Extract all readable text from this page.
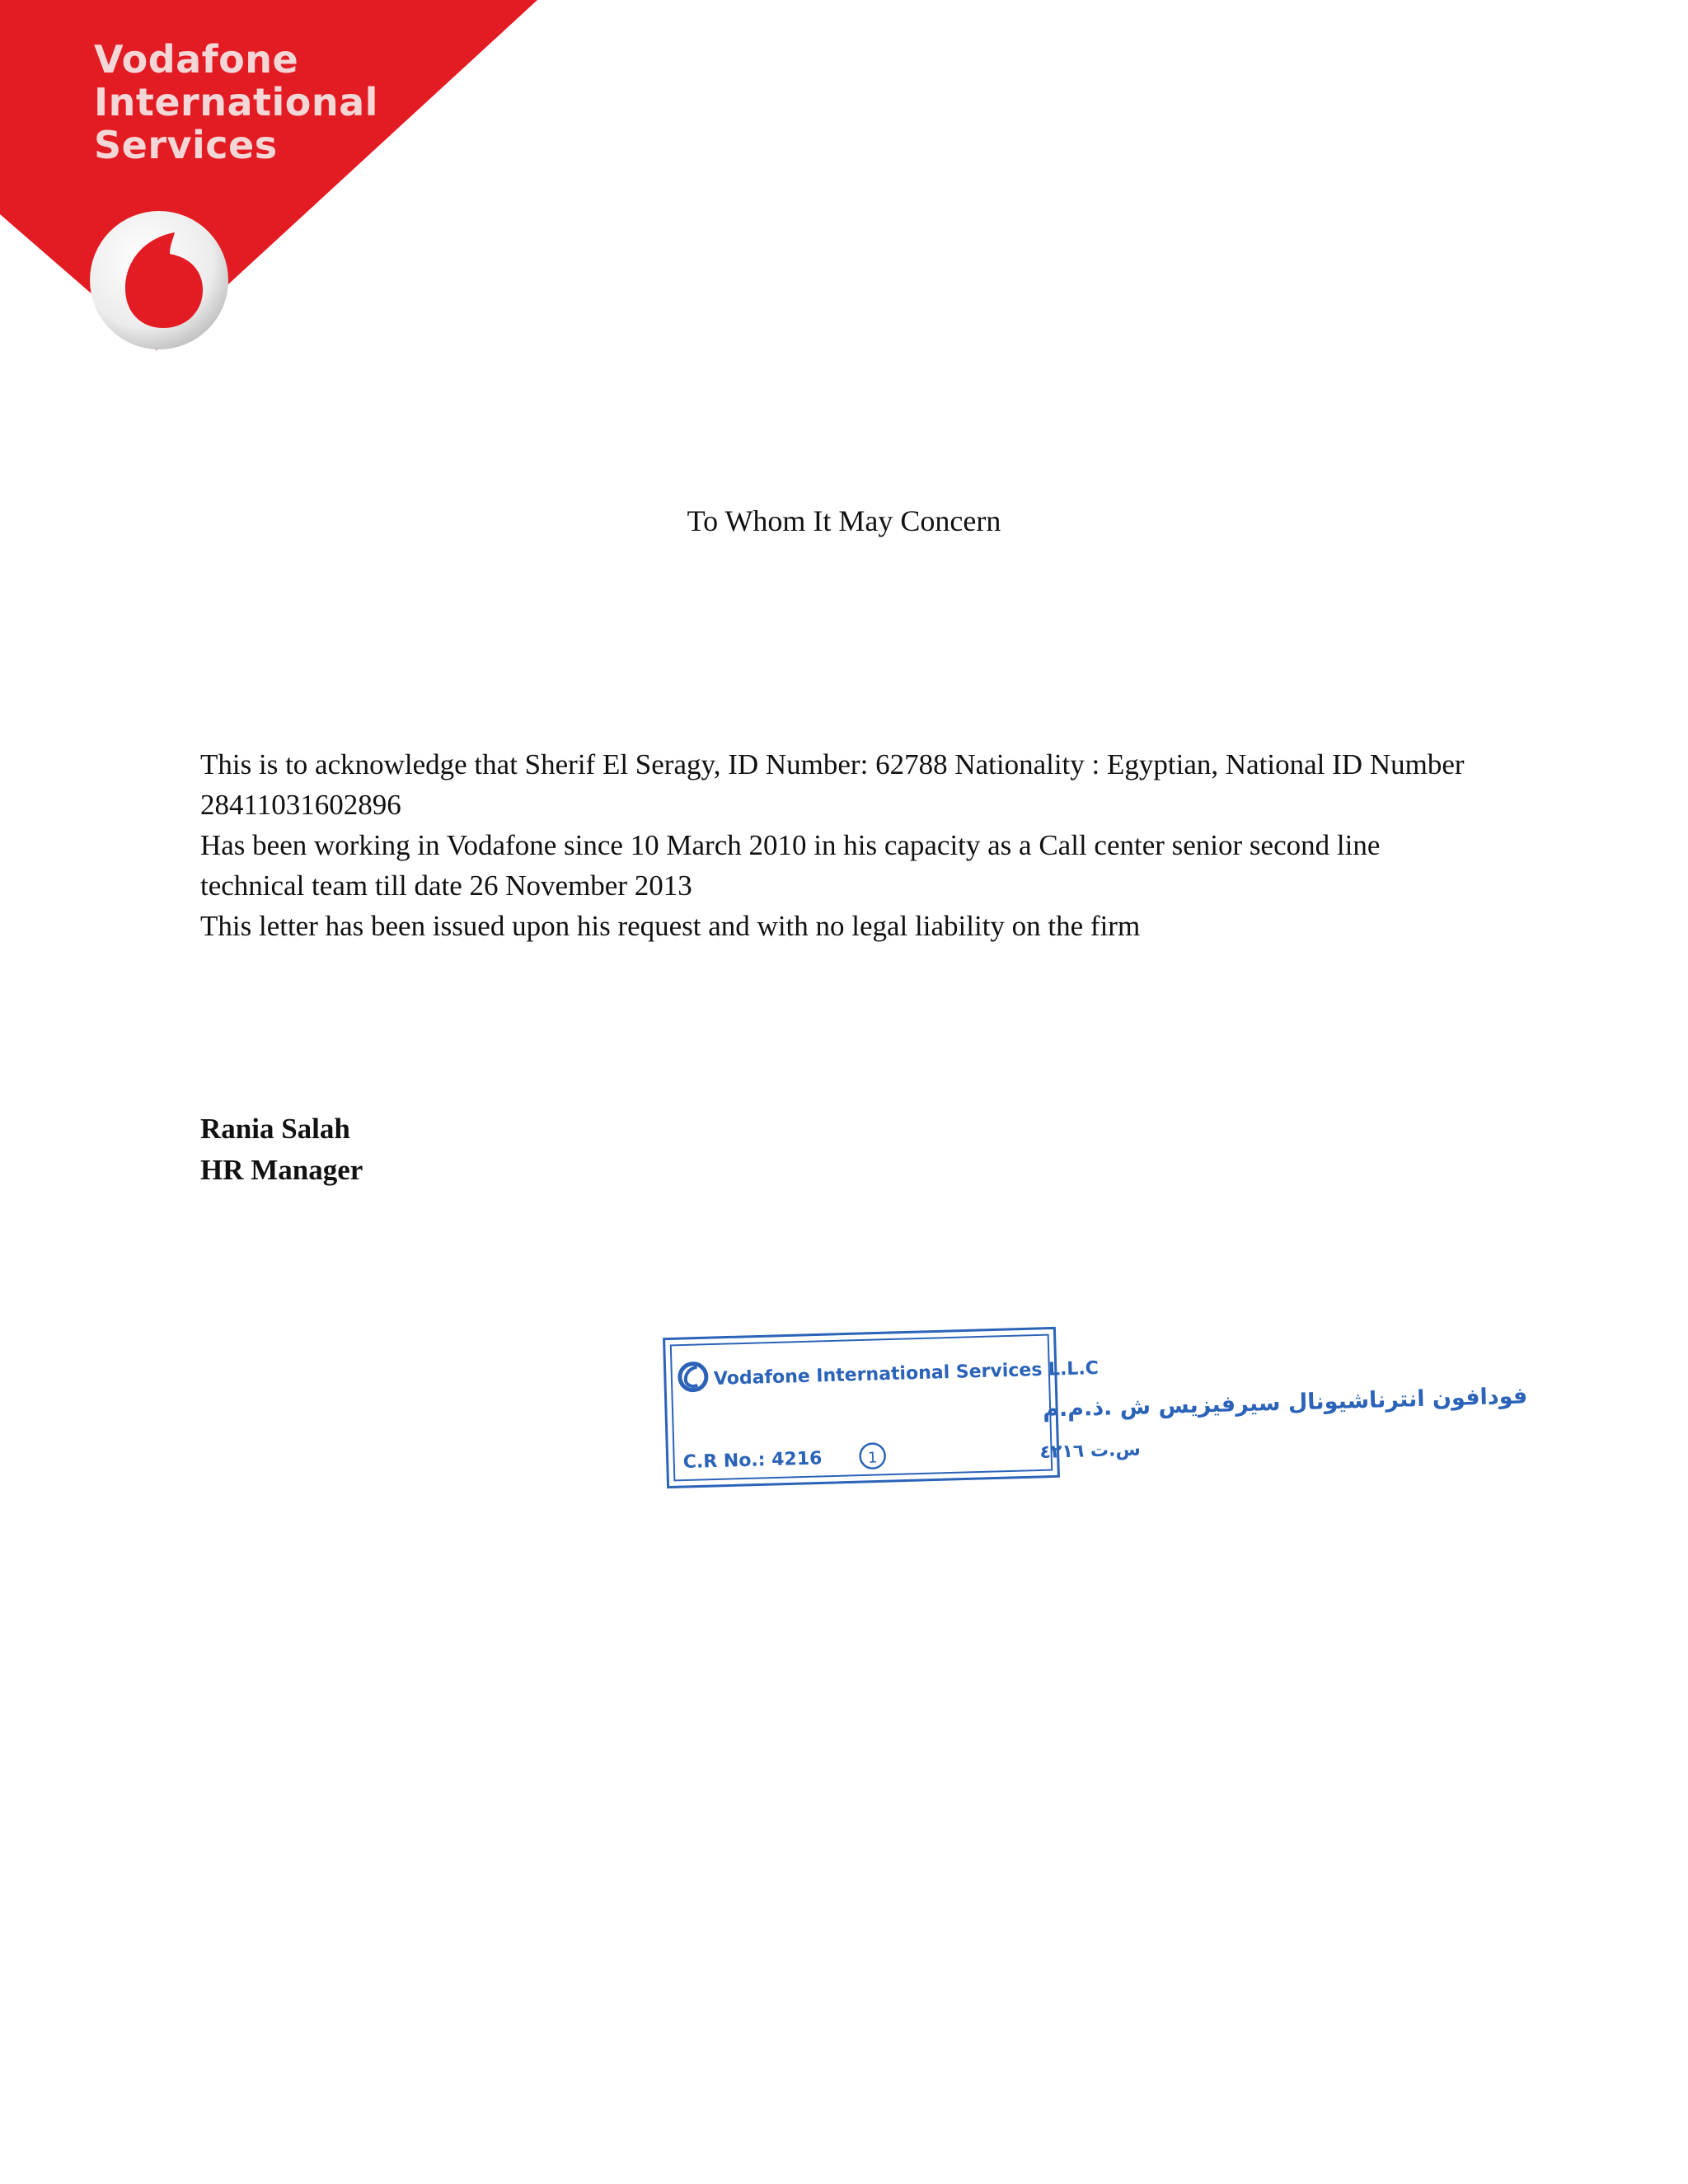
Vodafone
International
Services
To Whom It May Concern

This is to acknowledge that Sherif El Seragy, ID Number: 62788 Nationality : Egyptian, National ID Number 28411031602896

Has been working in Vodafone since 10 March 2010 in his capacity as a Call center senior second line technical team till date 26 November 2013

This letter has been issued upon his request and with no legal liability on the firm

Rania Salah
HR Manager
Vodafone International Services L.L.C
فودافون انترناشيونال سيرفيزيس ش .ذ.م.م
C.R No.: 4216	1	س.ت ٤٢١٦
